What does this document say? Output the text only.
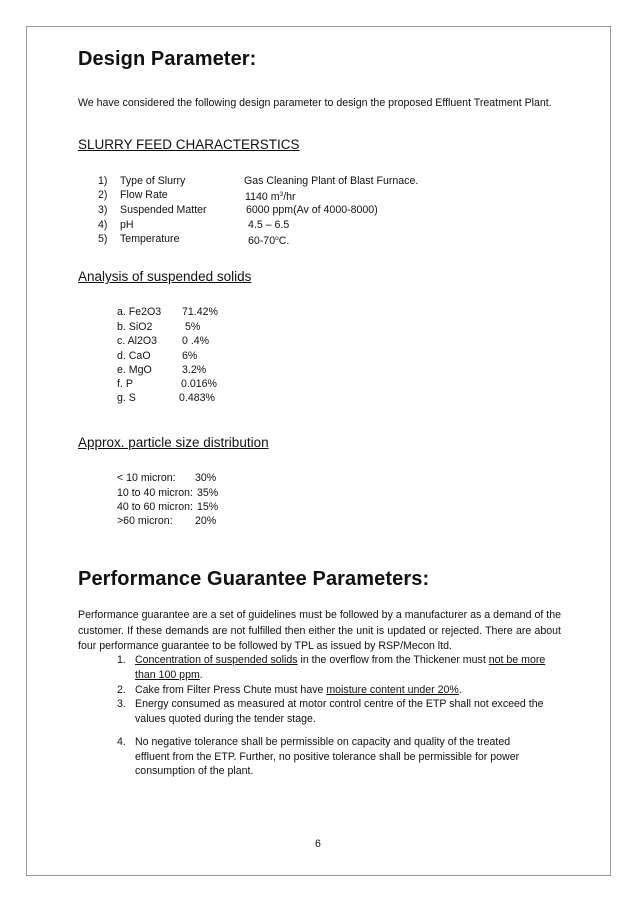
Design Parameter:
We have considered the following design parameter to design the proposed Effluent Treatment Plant.
SLURRY FEED CHARACTERSTICS
1) Type of Slurry	Gas Cleaning Plant of Blast Furnace.
2) Flow Rate	1140 $m^3/hr$
3) Suspended Matter	6000 ppm(Av of 4000-8000)
4) pH	4.5 – 6.5
5) Temperature	60-70$^o$C.
Analysis of suspended solids
a. Fe2O3 71.42%
b. SiO2	5%
c. Al2O3 0 .4%
d. CaO	6%
e. MgO	3.2%
f. P	0.016%
g. S	0.483%
Approx. particle size distribution
< 10 micron: 30%
10 to 40 micron: 35%
40 to 60 micron: 15%
>60 micron: 20%
Performance Guarantee Parameters:
Performance guarantee are a set of guidelines must be followed by a manufacturer as a demand of the customer. If these demands are not fulfilled then either the unit is updated or rejected. There are about four performance guarantee to be followed by TPL as issued by RSP/Mecon ltd.
1. Concentration of suspended solids in the overflow from the Thickener must not be more than 100 ppm.
2. Cake from Filter Press Chute must have moisture content under 20%.
3. Energy consumed as measured at motor control centre of the ETP shall not exceed the values quoted during the tender stage.
4. No negative tolerance shall be permissible on capacity and quality of the treated effluent from the ETP. Further, no positive tolerance shall be permissible for power consumption of the plant.
6
